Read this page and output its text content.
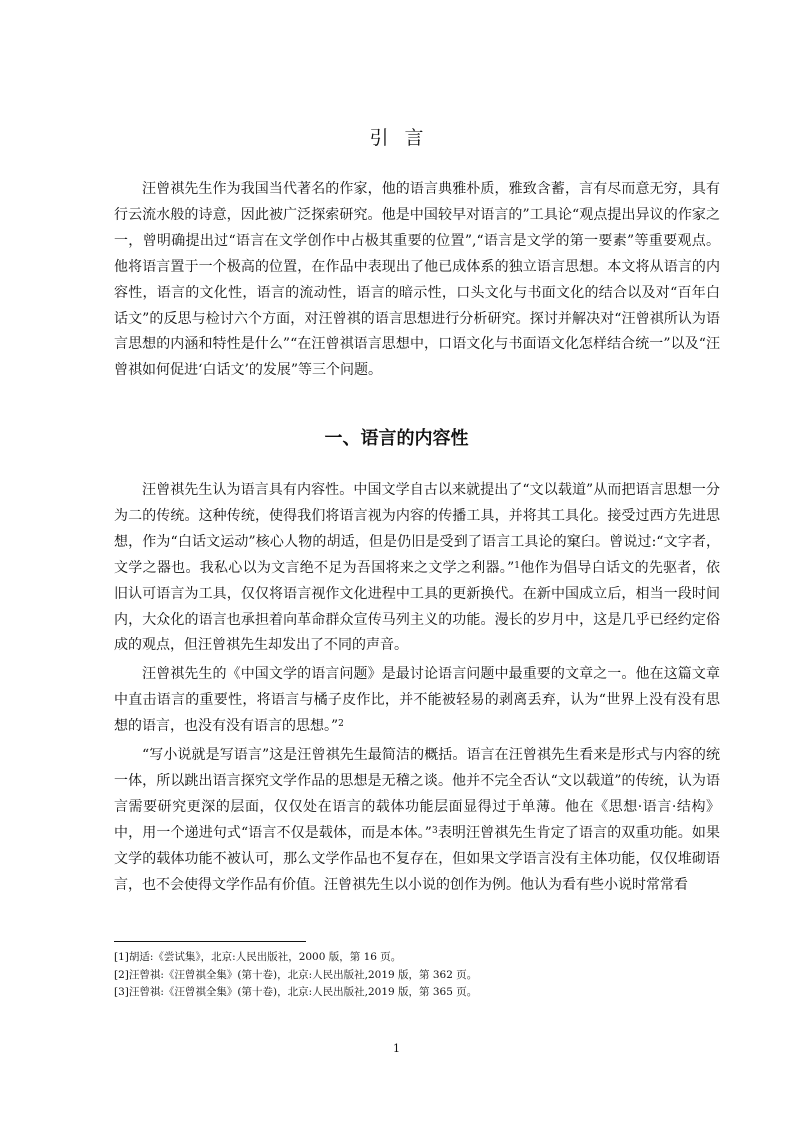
引言

汪曾祺先生作为我国当代著名的作家，他的语言典雅朴质，雅致含蓄，言有尽而意无穷，具有行云流水般的诗意，因此被广泛探索研究。他是中国较早对语言的”工具论“观点提出异议的作家之一，曾明确提出过“语言在文学创作中占极其重要的位置”,“语言是文学的第一要素”等重要观点。他将语言置于一个极高的位置，在作品中表现出了他已成体系的独立语言思想。本文将从语言的内容性，语言的文化性，语言的流动性，语言的暗示性，口头文化与书面文化的结合以及对“百年白话文”的反思与检讨六个方面，对汪曾祺的语言思想进行分析研究。探讨并解决对“汪曾祺所认为语言思想的内涵和特性是什么”“在汪曾祺语言思想中，口语文化与书面语文化怎样结合统一”以及“汪曾祺如何促进‘白话文’的发展”等三个问题。

一、语言的内容性

汪曾祺先生认为语言具有内容性。中国文学自古以来就提出了“文以载道”从而把语言思想一分为二的传统。这种传统，使得我们将语言视为内容的传播工具，并将其工具化。接受过西方先进思想，作为“白话文运动”核心人物的胡适，但是仍旧是受到了语言工具论的窠臼。曾说过:“文字者，文学之器也。我私心以为文言绝不足为吾国将来之文学之利器。”$^1$他作为倡导白话文的先驱者，依旧认可语言为工具，仅仅将语言视作文化进程中工具的更新换代。在新中国成立后，相当一段时间内，大众化的语言也承担着向革命群众宣传马列主义的功能。漫长的岁月中，这是几乎已经约定俗成的观点，但汪曾祺先生却发出了不同的声音。

汪曾祺先生的《中国文学的语言问题》是最讨论语言问题中最重要的文章之一。他在这篇文章中直击语言的重要性，将语言与橘子皮作比，并不能被轻易的剥离丢弃，认为“世界上没有没有思想的语言，也没有没有语言的思想。”$^2$

“写小说就是写语言”这是汪曾祺先生最简洁的概括。语言在汪曾祺先生看来是形式与内容的统一体，所以跳出语言探究文学作品的思想是无稽之谈。他并不完全否认“文以载道”的传统，认为语言需要研究更深的层面，仅仅处在语言的载体功能层面显得过于单薄。他在《思想·语言·结构》中，用一个递进句式“语言不仅是载体，而是本体。”$^3$表明汪曾祺先生肯定了语言的双重功能。如果文学的载体功能不被认可，那么文学作品也不复存在，但如果文学语言没有主体功能，仅仅堆砌语言，也不会使得文学作品有价值。汪曾祺先生以小说的创作为例。他认为看有些小说时常常看

[1]胡适:《尝试集》，北京:人民出版社，2000 版，第 16 页。
[2]汪曾祺:《汪曾祺全集》(第十卷)，北京:人民出版社,2019 版，第 362 页。
[3]汪曾祺:《汪曾祺全集》(第十卷)，北京:人民出版社,2019 版，第 365 页。
1
